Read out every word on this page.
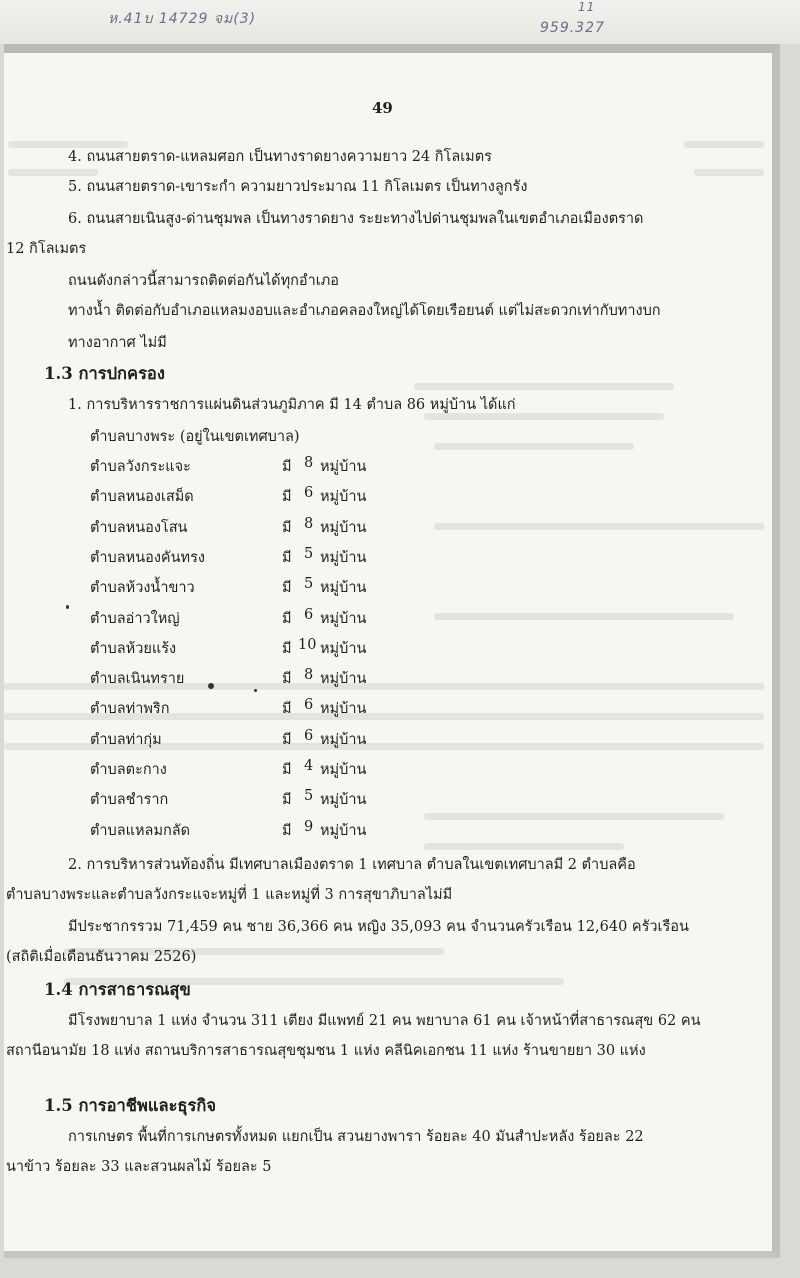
ห.41บ 14729 จม(3)
11
959.327
49
4. ถนนสายตราด-แหลมศอก เป็นทางราดยางความยาว 24 กิโลเมตร
5. ถนนสายตราด-เขาระกำ ความยาวประมาณ 11 กิโลเมตร เป็นทางลูกรัง
6. ถนนสายเนินสูง-ด่านชุมพล เป็นทางราดยาง ระยะทางไปด่านชุมพลในเขตอำเภอเมืองตราด
12 กิโลเมตร
ถนนดังกล่าวนี้สามารถติดต่อกันได้ทุกอำเภอ
ทางน้ำ ติดต่อกับอำเภอแหลมงอบและอำเภอคลองใหญ่ได้โดยเรือยนต์ แต่ไม่สะดวกเท่ากับทางบก
ทางอากาศ ไม่มี
1.3 การปกครอง
1. การบริหารราชการแผ่นดินส่วนภูมิภาค มี 14 ตำบล 86 หมู่บ้าน ได้แก่
ตำบลบางพระ (อยู่ในเขตเทศบาล)
2. การบริหารส่วนท้องถิ่น มีเทศบาลเมืองตราด 1 เทศบาล ตำบลในเขตเทศบาลมี 2 ตำบลคือ
ตำบลบางพระและตำบลวังกระแจะหมู่ที่ 1 และหมู่ที่ 3 การสุขาภิบาลไม่มี
มีประชากรรวม 71,459 คน ชาย 36,366 คน หญิง 35,093 คน จำนวนครัวเรือน 12,640 ครัวเรือน
(สถิติเมื่อเดือนธันวาคม 2526)
1.4 การสาธารณสุข
มีโรงพยาบาล 1 แห่ง จำนวน 311 เตียง มีแพทย์ 21 คน พยาบาล 61 คน เจ้าหน้าที่สาธารณสุข 62 คน
สถานีอนามัย 18 แห่ง สถานบริการสาธารณสุขชุมชน 1 แห่ง คลีนิคเอกชน 11 แห่ง ร้านขายยา 30 แห่ง
1.5 การอาชีพและธุรกิจ
การเกษตร พื้นที่การเกษตรทั้งหมด แยกเป็น สวนยางพารา ร้อยละ 40 มันสำปะหลัง ร้อยละ 22
นาข้าว ร้อยละ 33 และสวนผลไม้ ร้อยละ 5
ตำบลวังกระแจะ	มี 8 หมู่บ้าน
ตำบลหนองเสม็ด	มี 6 หมู่บ้าน
ตำบลหนองโสน	มี 8 หมู่บ้าน
ตำบลหนองคันทรง	มี 5 หมู่บ้าน
ตำบลห้วงน้ำขาว	มี 5 หมู่บ้าน
ตำบลอ่าวใหญ่	มี 6 หมู่บ้าน
ตำบลห้วยแร้ง	มี 10 หมู่บ้าน
ตำบลเนินทราย	มี 8 หมู่บ้าน
ตำบลท่าพริก	มี 6 หมู่บ้าน
ตำบลท่ากุ่ม	มี 6 หมู่บ้าน
ตำบลตะกาง	มี 4 หมู่บ้าน
ตำบลชำราก	มี 5 หมู่บ้าน
ตำบลแหลมกลัด	มี 9 หมู่บ้าน
